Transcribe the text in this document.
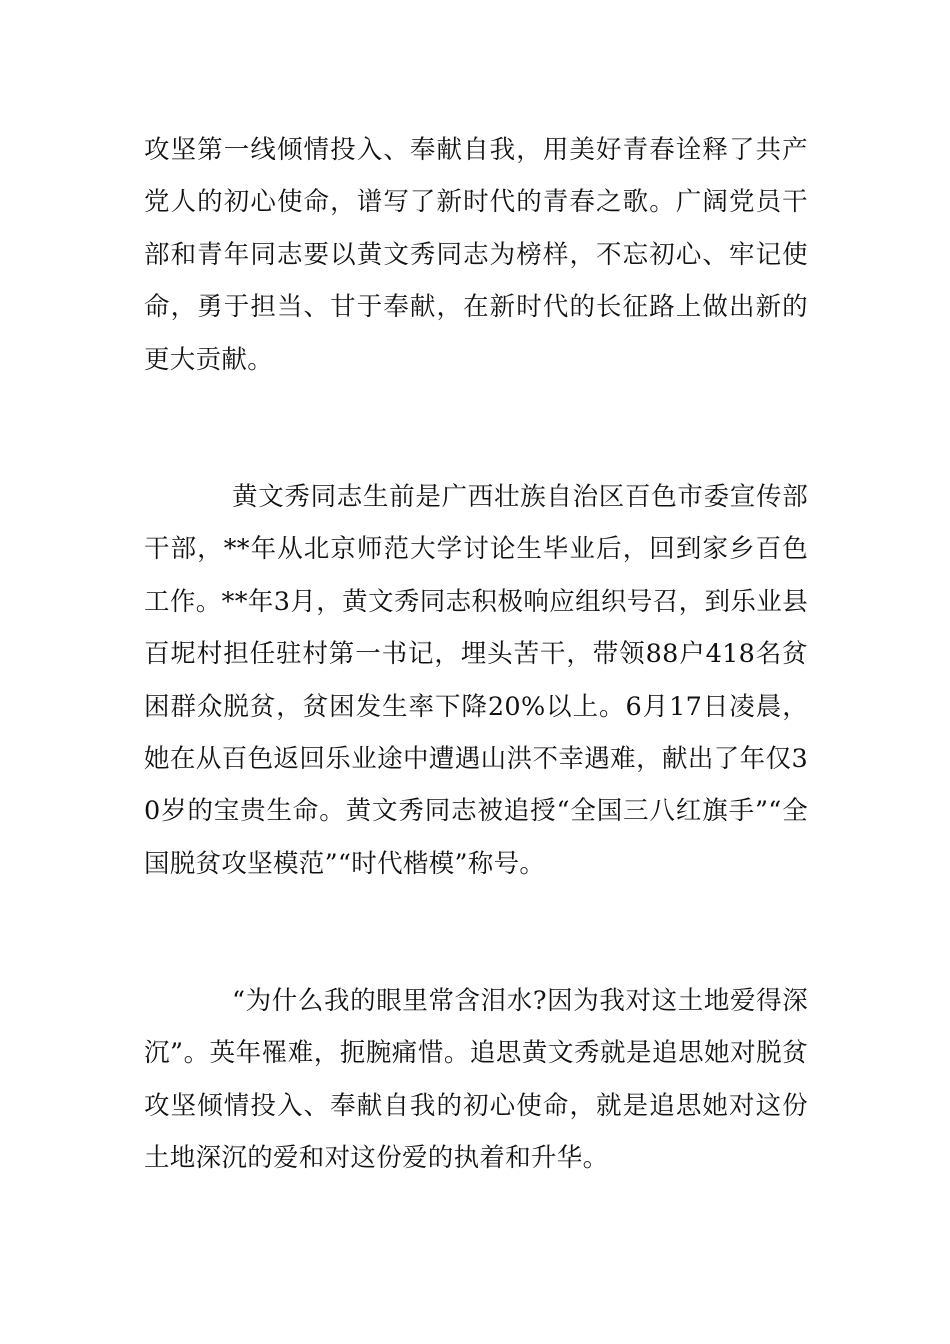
攻坚第一线倾情投入、奉献自我，用美好青春诠释了共产党人的初心使命，谱写了新时代的青春之歌。广阔党员干部和青年同志要以黄文秀同志为榜样，不忘初心、牢记使命，勇于担当、甘于奉献，在新时代的长征路上做出新的更大贡献。

黄文秀同志生前是广西壮族自治区百色市委宣传部干部，**年从北京师范大学讨论生毕业后，回到家乡百色工作。**年3月，黄文秀同志积极响应组织号召，到乐业县百坭村担任驻村第一书记，埋头苦干，带领88户418名贫困群众脱贫，贫困发生率下降20%以上。6月17日凌晨，她在从百色返回乐业途中遭遇山洪不幸遇难，献出了年仅30岁的宝贵生命。黄文秀同志被追授“全国三八红旗手”“全国脱贫攻坚模范”“时代楷模”称号。

“为什么我的眼里常含泪水?因为我对这土地爱得深沉”。英年罹难，扼腕痛惜。追思黄文秀就是追思她对脱贫攻坚倾情投入、奉献自我的初心使命，就是追思她对这份土地深沉的爱和对这份爱的执着和升华。
